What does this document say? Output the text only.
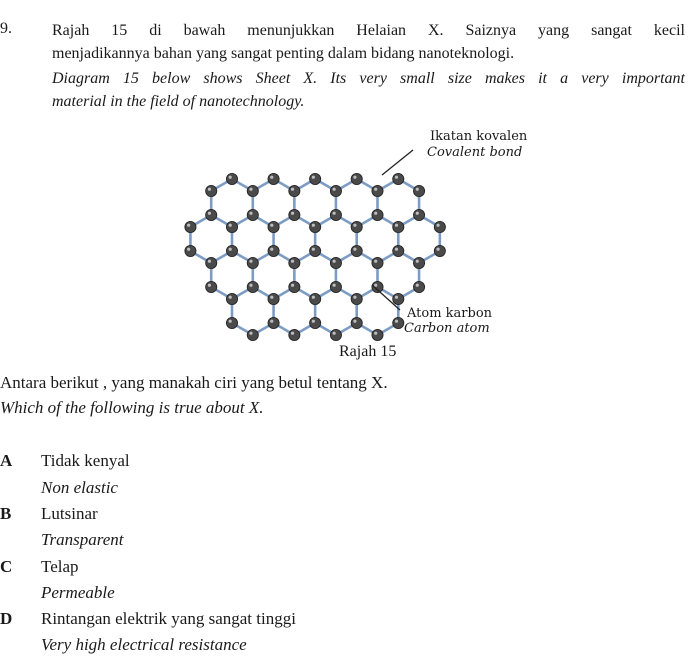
9.	Rajah 15 di bawah menunjukkan Helaian X. Saiznya yang sangat kecil
menjadikannya bahan yang sangat penting dalam bidang nanoteknologi.
Diagram 15 below shows Sheet X. Its very small size makes it a very important
material in the field of nanotechnology.
Ikatan kovalen
Covalent bond
Atom karbon
Carbon atom
Rajah 15
Antara berikut , yang manakah ciri yang betul tentang X.
Which of the following is true about X.
A Tidak kenyal
Non elastic
B Lutsinar
Transparent
C Telap
Permeable
D Rintangan elektrik yang sangat tinggi
Very high electrical resistance
